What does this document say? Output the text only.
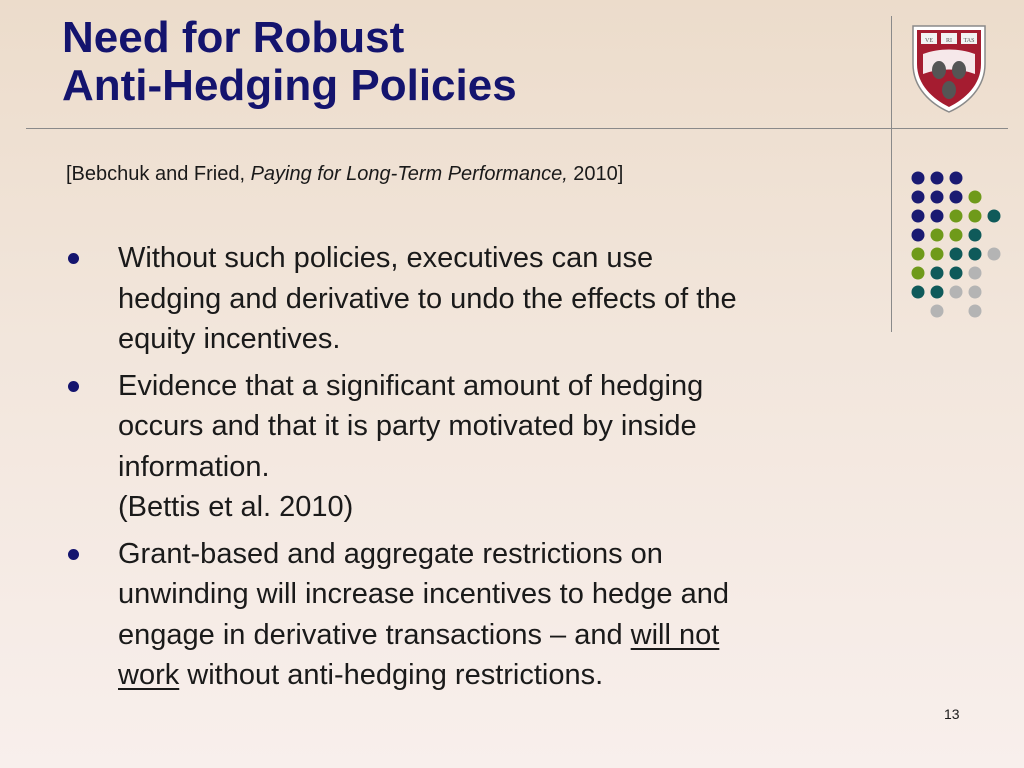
Need for Robust
Anti-Hedging Policies
VE RI TAS
[Bebchuk and Fried, Paying for Long-Term Performance, 2010]
Without such policies, executives can use
hedging and derivative to undo the effects of the
equity incentives.
Evidence that a significant amount of hedging
occurs and that it is party motivated by inside
information.
(Bettis et al. 2010)
Grant-based and aggregate restrictions on
unwinding will increase incentives to hedge and
engage in derivative transactions – and will not
work without anti-hedging restrictions.
13
